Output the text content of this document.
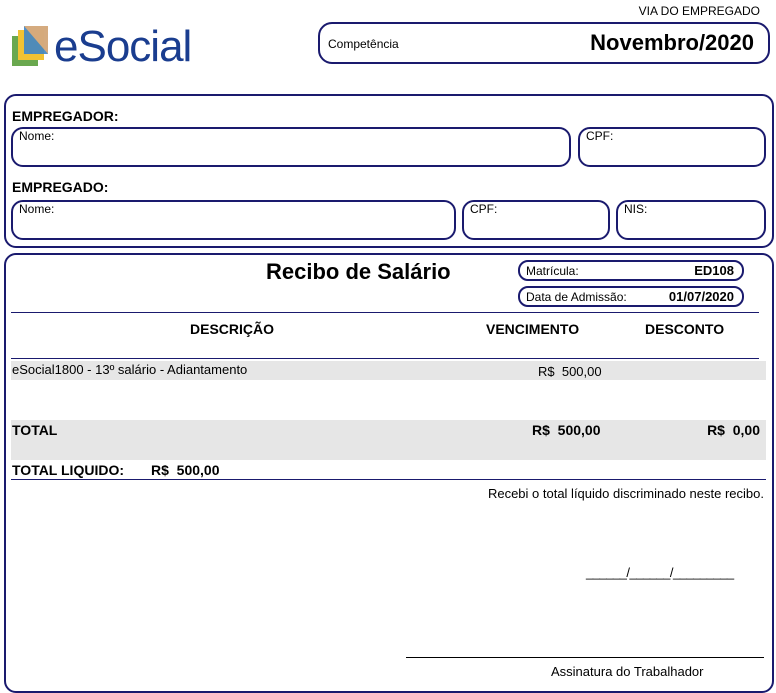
VIA DO EMPREGADO
eSocial	Competência	Novembro/2020
EMPREGADOR:
Nome:	CPF:
EMPREGADO:
Nome:	CPF:	NIS:
Recibo de Salário	Matrícula:	ED108
Data de Admissão:	01/07/2020
DESCRIÇÃO	VENCIMENTO	DESCONTO
eSocial1800 - 13º salário - Adiantamento	R$  500,00
TOTAL	R$  500,00	R$  0,00
TOTAL LIQUIDO: R$  500,00
Recebi o total líquido discriminado neste recibo.
______/______/_________
Assinatura do Trabalhador
